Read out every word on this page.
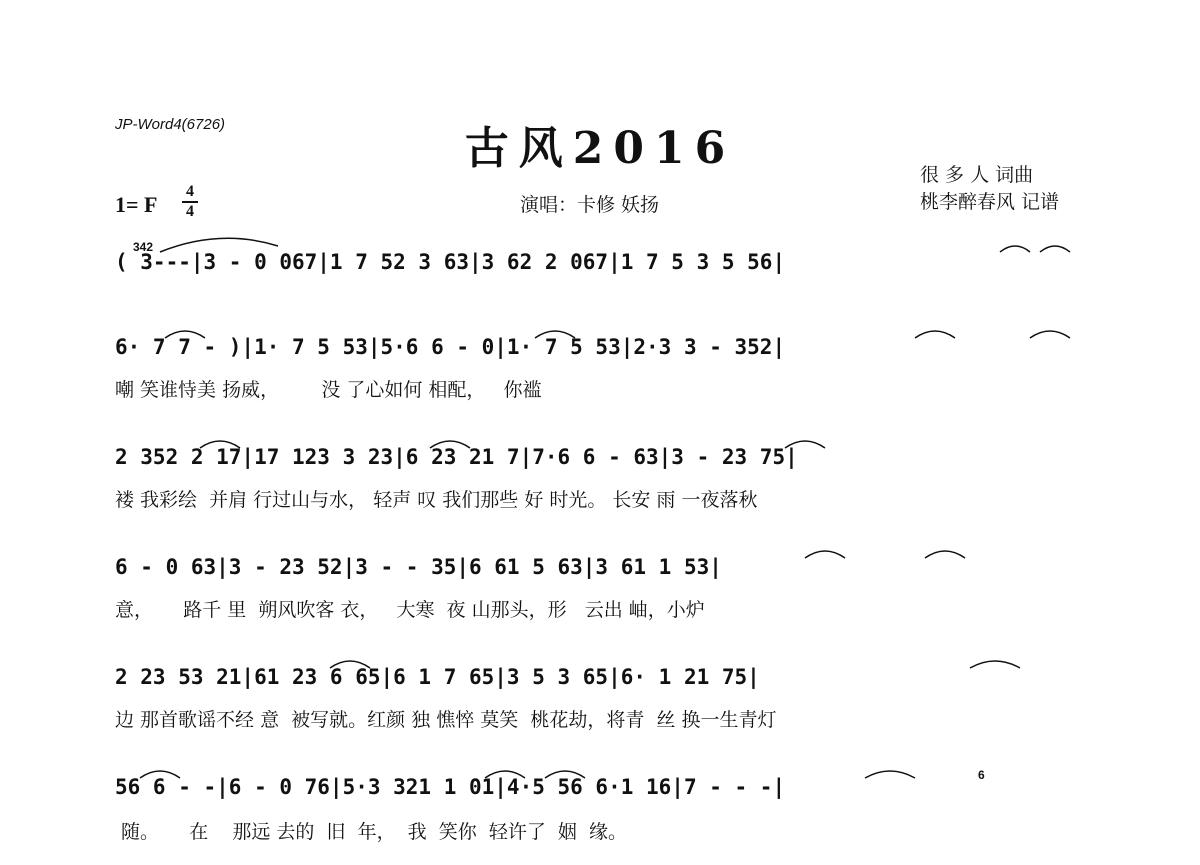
JP-Word4(6726)	古风2016
1= F
4
4	演唱：卡修 妖扬
很 多 人 词曲
桃李醉春风 记谱
( 3---|3 - 0 067|1 7 52 3 63|3 62 2 067|1 7 5 3 5 56|
6· 7 7 - )|1· 7 5 53|5·6 6 - 0|1· 7 5 53|2·3 3 - 352|
嘲 笑谁恃美 扬威，       没 了心如何 相配，   你褴
2 352 2 17|17 123 3 23|6 23 21 7|7·6 6 - 63|3 - 23 75|
褛 我彩绘  并肩 行过山与水， 轻声 叹 我们那些 好 时光。 长安 雨 一夜落秋
6 - 0 63|3 - 23 52|3 - - 35|6 61 5 63|3 61 1 53|
意，     路千 里  朔风吹客 衣，   大寒  夜 山那头，形   云出 岫，小炉
2 23 53 21|61 23 6 65|6 1 7 65|3 5 3 65|6· 1 21 75|
边 那首歌谣不经 意  被写就。红颜 独 憔悴 莫笑  桃花劫，将青  丝 换一生青灯
56 6 - -|6 - 0 76|5·3 321 1 01|4·5 56 6·1 16|7 - - -|
随。     在    那远 去的  旧  年，  我  笑你  轻许了  姻  缘。
342
6
